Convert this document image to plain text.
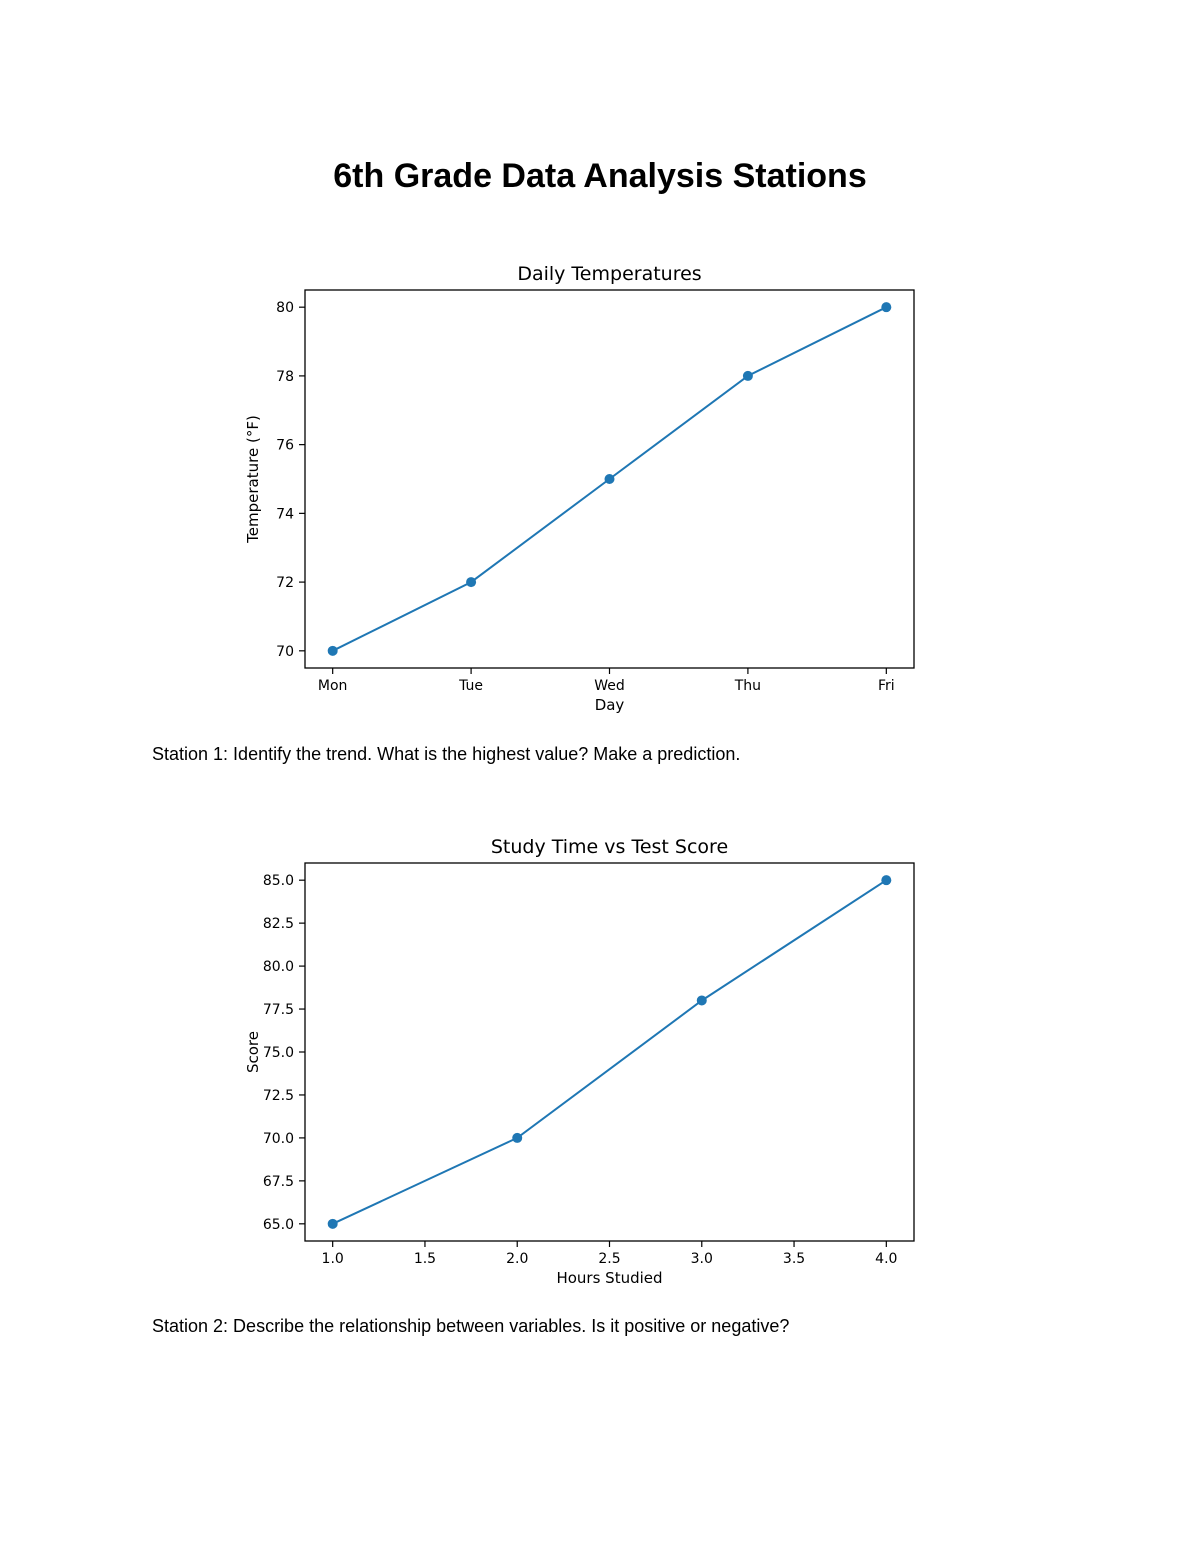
6th Grade Data Analysis Stations
Daily Temperatures
70
72
74
76
78
80
Mon	Tue	Wed	Thu	Fri
Day
Temperature (°F)

Station 1: Identify the trend. What is the highest value? Make a prediction.

Study Time vs Test Score
65.0
67.5
70.0
72.5
75.0
77.5
80.0
82.5
85.0
1.0	1.5	2.0	2.5	3.0	3.5	4.0
Hours Studied
Score

Station 2: Describe the relationship between variables. Is it positive or negative?
